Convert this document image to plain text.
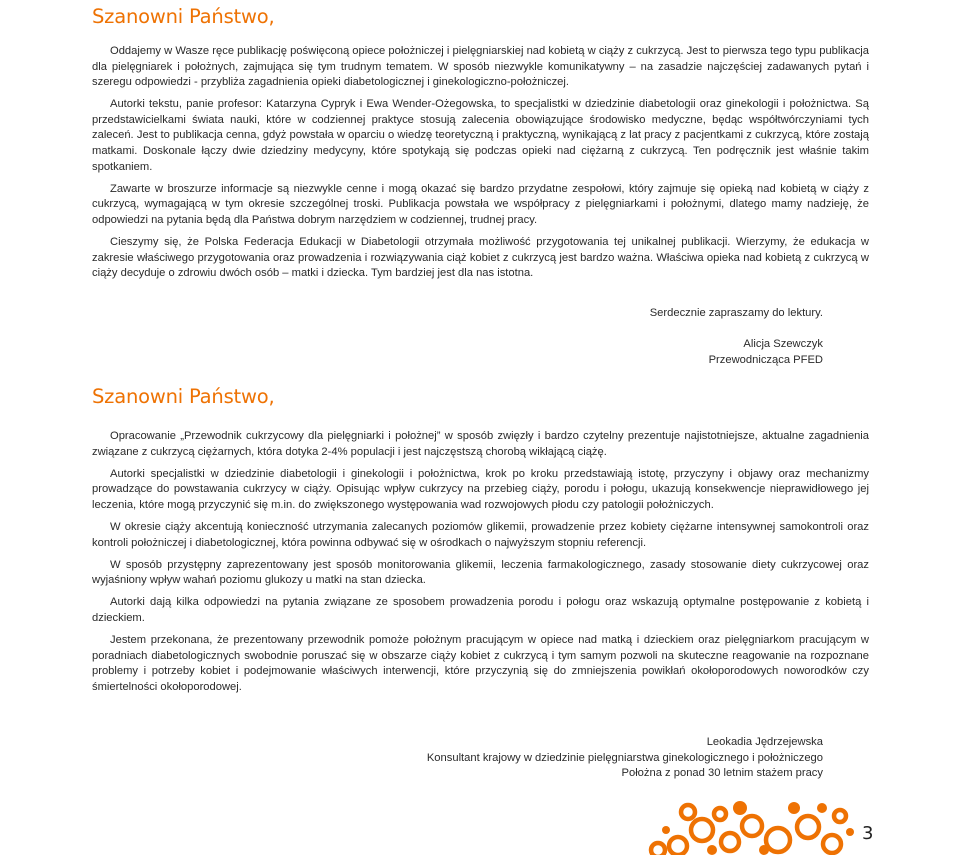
Szanowni Państwo,

Oddajemy w Wasze ręce publikację poświęconą opiece położniczej i pielęgniarskiej nad kobietą w ciąży z cukrzycą. Jest to pierwsza tego typu publikacja dla pielęgniarek i położnych, zajmująca się tym trudnym tematem. W sposób niezwykle komunikatywny – na zasadzie najczęściej zadawanych pytań i szeregu odpowiedzi - przybliża zagadnienia opieki diabetologicznej i ginekologiczno-położniczej.

Autorki tekstu, panie profesor: Katarzyna Cypryk i Ewa Wender-Ożegowska, to specjalistki w dziedzinie diabetologii oraz ginekologii i położnictwa. Są przedstawicielkami świata nauki, które w codziennej praktyce stosują zalecenia obowiązujące środowisko medyczne, będąc współtwórczyniami tych zaleceń. Jest to publikacja cenna, gdyż powstała w oparciu o wiedzę teoretyczną i praktyczną, wynikającą z lat pracy z pacjentkami z cukrzycą, które zostają matkami. Doskonale łączy dwie dziedziny medycyny, które spotykają się podczas opieki nad ciężarną z cukrzycą. Ten podręcznik jest właśnie takim spotkaniem.

Zawarte w broszurze informacje są niezwykle cenne i mogą okazać się bardzo przydatne zespołowi, który zajmuje się opieką nad kobietą w ciąży z cukrzycą, wymagającą w tym okresie szczególnej troski. Publikacja powstała we współpracy z pielęgniarkami i położnymi, dlatego mamy nadzieję, że odpowiedzi na pytania będą dla Państwa dobrym narzędziem w codziennej, trudnej pracy.

Cieszymy się, że Polska Federacja Edukacji w Diabetologii otrzymała możliwość przygotowania tej unikalnej publikacji. Wierzymy, że edukacja w zakresie właściwego przygotowania oraz prowadzenia i rozwiązywania ciąż kobiet z cukrzycą jest bardzo ważna. Właściwa opieka nad kobietą z cukrzycą w ciąży decyduje o zdrowiu dwóch osób – matki i dziecka. Tym bardziej jest dla nas istotna.

Serdecznie zapraszamy do lektury.
Alicja Szewczyk
Przewodnicząca PFED
Szanowni Państwo,

Opracowanie „Przewodnik cukrzycowy dla pielęgniarki i położnej” w sposób zwięzły i bardzo czytelny prezentuje najistotniejsze, aktualne zagadnienia związane z cukrzycą ciężarnych, która dotyka 2-4% populacji i jest najczęstszą chorobą wikłającą ciążę.

Autorki specjalistki w dziedzinie diabetologii i ginekologii i położnictwa, krok po kroku przedstawiają istotę, przyczyny i objawy oraz mechanizmy prowadzące do powstawania cukrzycy w ciąży. Opisując wpływ cukrzycy na przebieg ciąży, porodu i połogu, ukazują konsekwencje nieprawidłowego jej leczenia, które mogą przyczynić się m.in. do zwiększonego występowania wad rozwojowych płodu czy patologii położniczych.

W okresie ciąży akcentują konieczność utrzymania zalecanych poziomów glikemii, prowadzenie przez kobiety ciężarne intensywnej samokontroli oraz kontroli położniczej i diabetologicznej, która powinna odbywać się w ośrodkach o najwyższym stopniu referencji.

W sposób przystępny zaprezentowany jest sposób monitorowania glikemii, leczenia farmakologicznego, zasady stosowanie diety cukrzycowej oraz wyjaśniony wpływ wahań poziomu glukozy u matki na stan dziecka.

Autorki dają kilka odpowiedzi na pytania związane ze sposobem prowadzenia porodu i połogu oraz wskazują optymalne postępowanie z kobietą i dzieckiem.

Jestem przekonana, że prezentowany przewodnik pomoże położnym pracującym w opiece nad matką i dzieckiem oraz pielęgniarkom pracującym w poradniach diabetologicznych swobodnie poruszać się w obszarze ciąży kobiet z cukrzycą i tym samym pozwoli na skuteczne reagowanie na rozpoznane problemy i potrzeby kobiet i podejmowanie właściwych interwencji, które przyczynią się do zmniejszenia powikłań okołoporodowych noworodków czy śmiertelności okołoporodowej.

Leokadia Jędrzejewska
Konsultant krajowy w dziedzinie pielęgniarstwa ginekologicznego i położniczego
Położna z ponad 30 letnim stażem pracy
3
